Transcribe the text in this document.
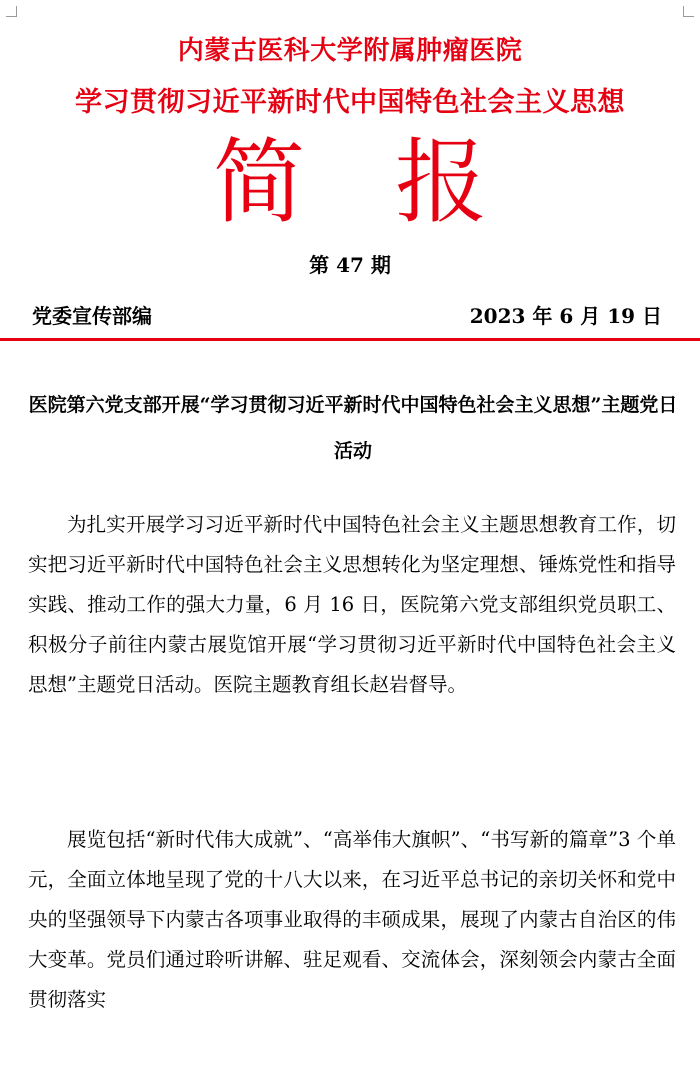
内蒙古医科大学附属肿瘤医院
学习贯彻习近平新时代中国特色社会主义思想
简报
第 47 期
党委宣传部编	2023 年 6 月 19 日
医院第六党支部开展“学习贯彻习近平新时代中国特色社会主义思想”主题党日活动

为扎实开展学习习近平新时代中国特色社会主义主题思想教育工作，切实把习近平新时代中国特色社会主义思想转化为坚定理想、锤炼党性和指导实践、推动工作的强大力量，6 月 16 日，医院第六党支部组织党员职工、积极分子前往内蒙古展览馆开展“学习贯彻习近平新时代中国特色社会主义思想”主题党日活动。医院主题教育组长赵岩督导。

展览包括“新时代伟大成就”、“高举伟大旗帜”、“书写新的篇章”3 个单元，全面立体地呈现了党的十八大以来，在习近平总书记的亲切关怀和党中央的坚强领导下内蒙古各项事业取得的丰硕成果，展现了内蒙古自治区的伟大变革。党员们通过聆听讲解、驻足观看、交流体会，深刻领会内蒙古全面贯彻落实
